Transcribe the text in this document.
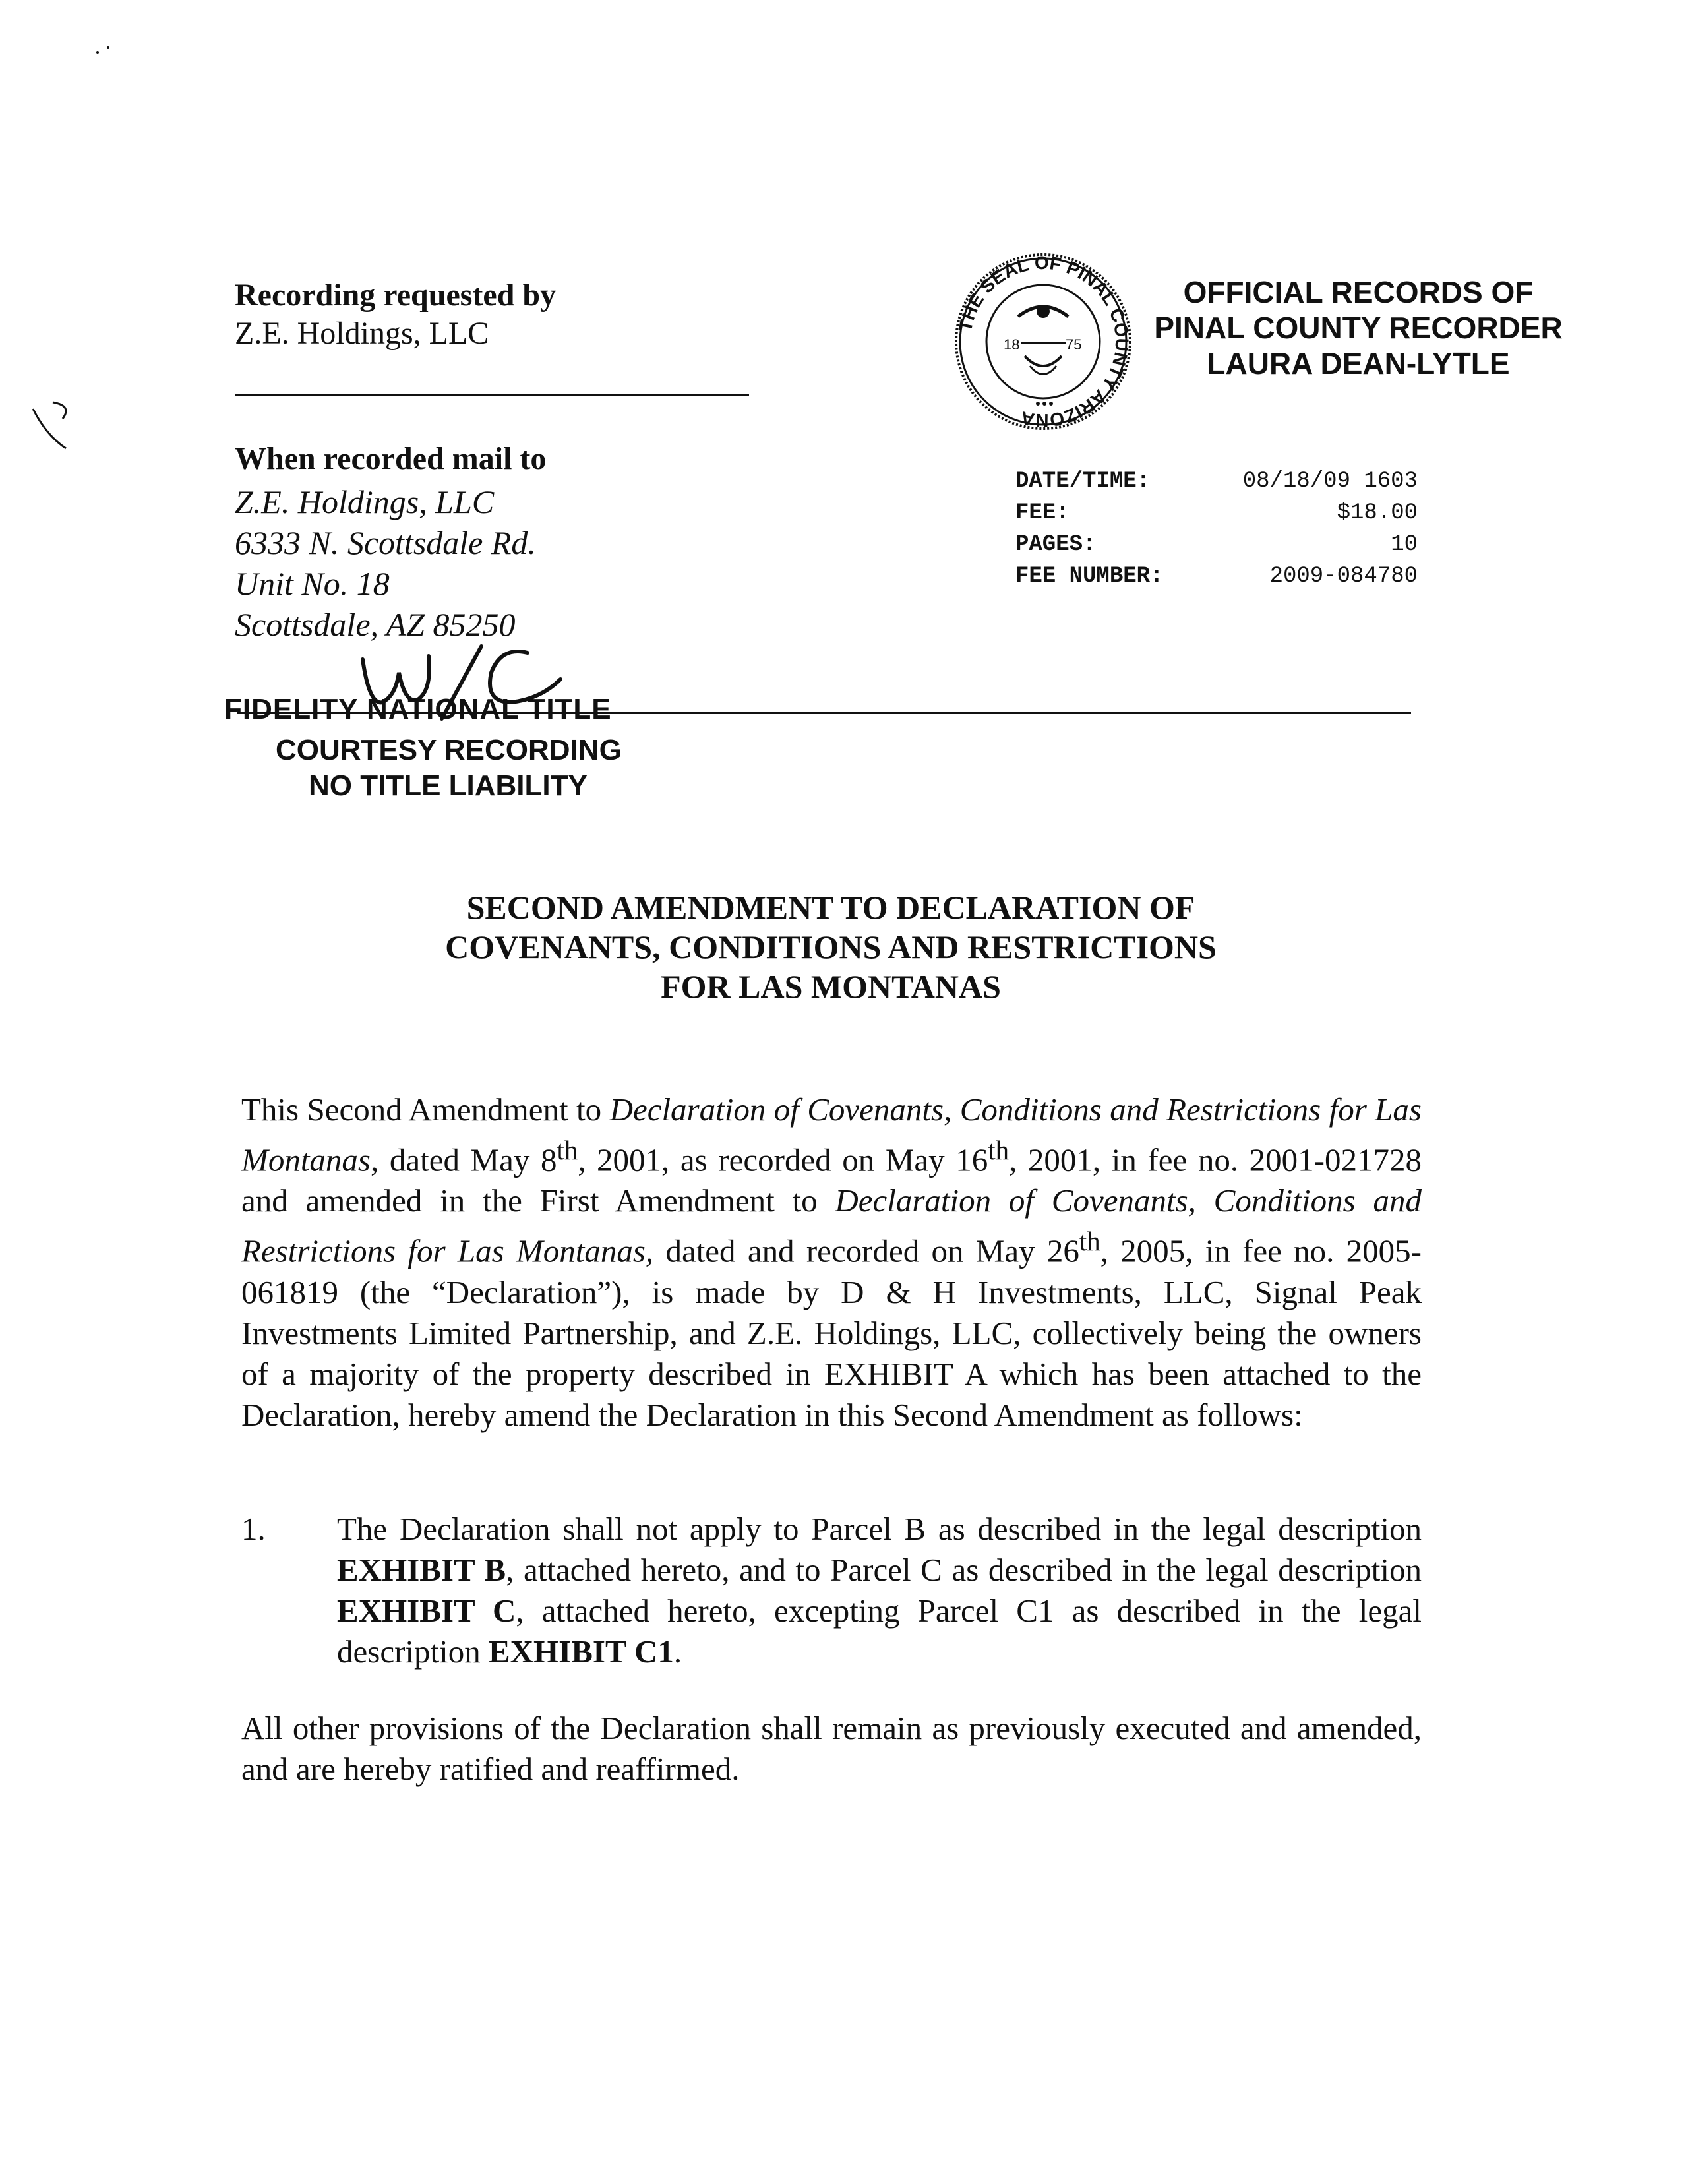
Recording requested by
Z.E. Holdings, LLC
When recorded mail to
Z.E. Holdings, LLC
6333 N. Scottsdale Rd.
Unit No. 18
Scottsdale, AZ 85250
FIDELITY NATIONAL TITLE
COURTESY RECORDING
NO TITLE LIABILITY
THE SEAL OF PINAL COUNTY ARIZONA
18	75
OFFICIAL RECORDS OF
PINAL COUNTY RECORDER
LAURA DEAN-LYTLE
DATE/TIME:	08/18/09 1603
FEE:	$18.00
PAGES:	10
FEE NUMBER:	2009-084780
SECOND AMENDMENT TO DECLARATION OF
COVENANTS, CONDITIONS AND RESTRICTIONS
FOR LAS MONTANAS
This Second Amendment to Declaration of Covenants, Conditions and Restrictions for Las Montanas, dated May 8th, 2001, as recorded on May 16th, 2001, in fee no. 2001-021728 and amended in the First Amendment to Declaration of Covenants, Conditions and Restrictions for Las Montanas, dated and recorded on May 26th, 2005, in fee no. 2005-061819 (the “Declaration”), is made by D & H Investments, LLC, Signal Peak Investments Limited Partnership, and Z.E. Holdings, LLC, collectively being the owners of a majority of the property described in EXHIBIT A which has been attached to the Declaration, hereby amend the Declaration in this Second Amendment as follows:
1.	The Declaration shall not apply to Parcel B as described in the legal description EXHIBIT B, attached hereto, and to Parcel C as described in the legal description EXHIBIT C, attached hereto, excepting Parcel C1 as described in the legal description EXHIBIT C1.
All other provisions of the Declaration shall remain as previously executed and amended, and are hereby ratified and reaffirmed.
